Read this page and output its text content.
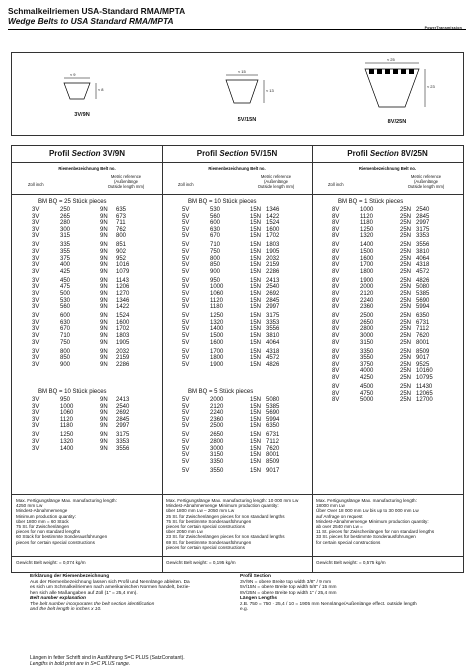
Schmalkeilriemen USA-Standard RMA/MPTA
Wedge Belts to USA Standard RMA/MPTA
PowerTransmission
≈ 9
≈ 8
3V/9N
≈ 15
≈ 13
5V/15N
≈ 25
≈ 23
8V/25N
Profil Section 3V/9N
Riemenbezeichnung Belt no.
Zoll inch
Metric reference
(Außenlänge
Outside length mm)
BM BQ = 25 Stück pieces
3V	250	9N 635
3V	265	9N 673
3V	280	9N 711
3V	300	9N 762
3V	315	9N 800
3V	335	9N 851
3V	355	9N 902
3V	375	9N 952
3V	400	9N 1016
3V	425	9N 1079
3V	450	9N 1143
3V	475	9N 1206
3V	500	9N 1270
3V	530	9N 1346
3V	560	9N 1422
3V	600	9N 1524
3V	630	9N 1600
3V	670	9N 1702
3V	710	9N 1803
3V	750	9N 1905
3V	800	9N 2032
3V	850	9N 2159
3V	900	9N 2286
BM BQ = 10 Stück pieces
3V	950	9N 2413
3V	1000	9N 2540
3V	1060	9N 2692
3V	1120	9N 2845
3V	1180	9N 2997
3V	1250	9N 3175
3V	1320	9N 3353
3V	1400	9N 3556
Max. Fertigungslänge Max. manufacturing length:
4250 mm Lw
Mindest-Abnahmemenge
Minimum production quantity:
über 1800 mm = 60 Stück
75 St. für Zwischenlängen
pieces for non standard lengths
60 Stück für bestimmte Sonderausführungen
pieces for certain special constructions
Gewicht Belt weight: = 0,074 kg/m
Profil Section 5V/15N
Riemenbezeichnung Belt no.
Zoll inch
Metric reference
(Außenlänge
Outside length mm)
BM BQ = 10 Stück pieces
5V	530	15N 1346
5V	560	15N 1422
5V	600	15N 1524
5V	630	15N 1600
5V	670	15N 1702
5V	710	15N 1803
5V	750	15N 1905
5V	800	15N 2032
5V	850	15N 2159
5V	900	15N 2286
5V	950	15N 2413
5V	1000	15N 2540
5V	1060	15N 2692
5V	1120	15N 2845
5V	1180	15N 2997
5V	1250	15N 3175
5V	1320	15N 3353
5V	1400	15N 3556
5V	1500	15N 3810
5V	1600	15N 4064
5V	1700	15N 4318
5V	1800	15N 4572
5V	1900	15N 4826
BM BQ = 5 Stück pieces
5V	2000	15N 5080
5V	2120	15N 5385
5V	2240	15N 5690
5V	2360	15N 5994
5V	2500	15N 6350
5V	2650	15N 6731
5V	2800	15N 7112
5V	3000	15N 7620
5V	3150	15N 8001
5V	3350	15N 8509
5V	3550	15N 9017
Max. Fertigungslänge Max. manufacturing length: 10 000 mm Lw
Mindest-Abnahmemenge Minimum production quantity:
über 1800 mm Lw – 2050 mm Lw
25 St. für Zwischenlängen pieces for non standard lengths
75 St. für bestimmte Sonderausführungen
pieces for certain special constructions
über 2050 mm Lw
23 St. für Zwischenlängen pieces for non standard lengths
69 St. für bestimmte Sonderausführungen
pieces for certain special constructions
Gewicht Belt weight: = 0,195 kg/m
Profil Section 8V/25N
Riemenbezeichnung Belt no.
Zoll inch
Metric reference
(Außenlänge
Outside length mm)
BM BQ = 1 Stück pieces
8V	1000	25N 2540
8V	1120	25N 2845
8V	1180	25N 2997
8V	1250	25N 3175
8V	1320	25N 3353
8V	1400	25N 3556
8V	1500	25N 3810
8V	1600	25N 4064
8V	1700	25N 4318
8V	1800	25N 4572
8V	1900	25N 4826
8V	2000	25N 5080
8V	2120	25N 5385
8V	2240	25N 5690
8V	2360	25N 5994
8V	2500	25N 6350
8V	2650	25N 6731
8V	2800	25N 7112
8V	3000	25N 7620
8V	3150	25N 8001
8V	3350	25N 8509
8V	3550	25N 9017
8V	3750	25N 9525
8V	4000	25N 10160
8V	4250	25N 10795
8V	4500	25N 11430
8V	4750	25N 12065
8V	5000	25N 12700
Max. Fertigungslänge Max. manufacturing length:
18000 mm Lw
Über Over 18 000 mm Lw bis up to 30 000 mm Lw
auf Anfrage on request
Mindest-Abnahmemenge Minimum production quantity:
ab over 2540 mm Lw =
11 St. pieces für Zwischenlängen for non standard lengths
33 St. pieces für bestimmte Sonderausführungen
for certain special constructions
Gewicht Belt weight: = 0,575 kg/m
Erklärung der Riemenbezeichnung
Aus der Riemenbezeichnung lassen sich Profil und Nennlänge ableiten. Da
es sich um Schmalkeilriemen nach amerikanischen Normen handelt, bezie-
hen sich alle Maßangaben auf Zoll (1" = 25,4 mm).
Belt number explanation
The belt number incorporates the belt section identification
and the belt length in inches x 10.
Profil Section
3V/9N = obere Breite top width 3/8" / 9 mm
5V/15N = obere Breite top width 5/8" / 15 mm
8V/25N = obere Breite top width 1" / 25,4 mm
Längen Lengths
z.B. 750 = 750 · 25,4 / 10 = 1905 mm Nennlänge/Außenlänge effect. outside length
e.g.
Längen in fetter Schrift sind in Ausführung S=C PLUS (SatzConstant).
Lengths in bold print are in S=C PLUS range.
